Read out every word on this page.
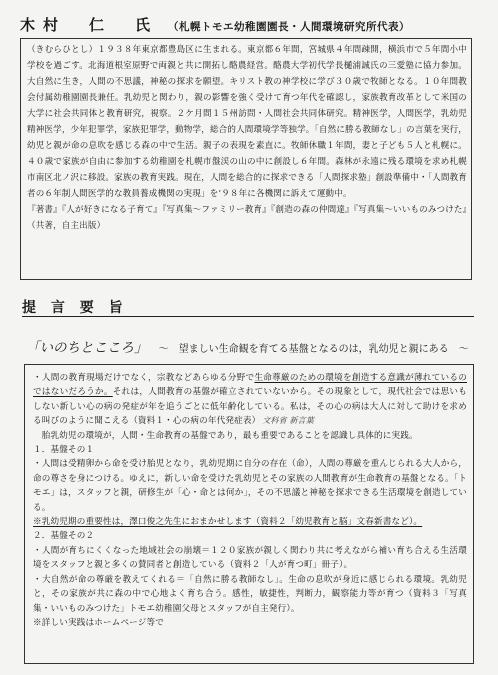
木村　仁　氏 （札幌トモエ幼稚園園長・人間環境研究所代表）

（きむらひとし）１９３８年東京都豊島区に生まれる。東京都６年間，宮城県４年間疎開，横浜市で５年間小中学校を過ごす。北海道根室原野で両親と共に開拓し酪農経営。酪農大学初代学長樋浦誠氏の三愛塾に協力参加。大自然に生き，人間の不思議，神秘の探求を願望。キリスト教の神学校に学び３０歳で牧師となる。１０年間教会付属幼稚園園長兼任。乳幼児と関わり，親の影響を強く受けて育つ年代を確認し，家族教育改革として米国の大学に社会共同体と教育研究，視察。２ケ月間１５州訪問・人間社会共同体研究。精神医学，人間医学，乳幼児精神医学，少年犯罪学，家族犯罪学，動物学，総合的人間環境学等独学。「自然に勝る教師なし」の言葉を実行，幼児と親が命の息吹を感じる森の中で生活。親子の表現を素直に。牧師休職１年間，妻と子ども５人と札幌に。４０歳で家族が自由に参加する幼稚園を札幌市盤渓の山の中に創設し６年間。森林が永遠に残る環境を求め札幌市南区北ノ沢に移設。家族の教育実践。現在，人間を総合的に探求できる「人間探求塾」創設準備中・「人間教育者の６年制人間医学的な教員養成機関の実現」を’９８年に各機関に訴えて運動中。

『著書』『人が好きになる子育て』『写真集～ファミリー教育』『創造の森の仲間達』『写真集～いいものみつけた』（共著，自主出版）

提 言 要 旨
「いのちとこころ」 ～　望ましい生命観を育てる基盤となるのは，乳幼児と親にある　～

・人間の教育現場だけでなく，宗教などあらゆる分野で生命尊厳のための環境を創造する意識が薄れているのではないだろうか。それは，人間教育の基盤が確立されていないから。その現象として，現代社会では思いもしない新しい心の病の発症が年を追うごとに低年齢化している。私は，その心の病は大人に対して助けを求める叫びのように聞こえる（資料１・心の病の年代発症表） 文科省 新言葉

　胎乳幼児の環境が，人間・生命教育の基盤であり，最も重要であることを認識し具体的に実践。

１．基盤その１

・人間は受精卵から命を受け胎児となり，乳幼児期に自分の存在（命），人間の尊厳を重んじられる大人から，命の尊さを身につける。ゆえに，新しい命を受けた乳幼児とその家族の人間教育が生命教育の基盤となる。「トモエ」は，スタッフと親，研修生が「心・命とは何か」，その不思議と神秘を探求できる生活環境を創造している。

※乳幼児期の重要性は，澤口俊之先生におまかせします（資料２「幼児教育と脳」文春新書など）。

２．基盤その２

・人間が育ちにくくなった地域社会の崩壊＝１２０家族が親しく関わり共に考えながら補い育ち合える生活環境をスタッフと親と多くの賛同者と創造している（資料２「人が育つ町」冊子）。

・大自然が命の尊厳を教えてくれる＝「自然に勝る教師なし」。生命の息吹が身近に感じられる環境。乳幼児と，その家族が共に森の中で心地よく育ち合う。感性，敏捷性，判断力，観察能力等が育つ（資料３「写真集・いいものみつけた」トモエ幼稚園父母とスタッフが自主発行）。

※詳しい実践はホームページ等で
